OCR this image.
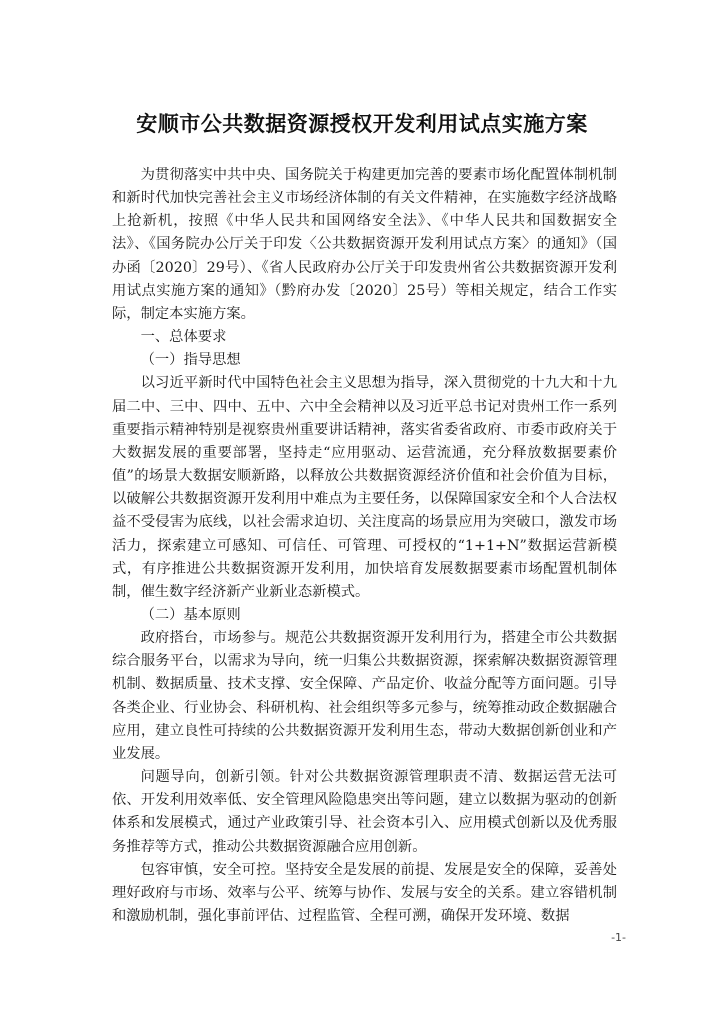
安顺市公共数据资源授权开发利用试点实施方案

为贯彻落实中共中央、国务院关于构建更加完善的要素市场化配置体制机制和新时代加快完善社会主义市场经济体制的有关文件精神，在实施数字经济战略上抢新机，按照《中华人民共和国网络安全法》、《中华人民共和国数据安全法》、《国务院办公厅关于印发〈公共数据资源开发利用试点方案〉的通知》（国办函〔2020〕29号）、《省人民政府办公厅关于印发贵州省公共数据资源开发利用试点实施方案的通知》（黔府办发〔2020〕25号）等相关规定，结合工作实际，制定本实施方案。

一、总体要求

（一）指导思想

以习近平新时代中国特色社会主义思想为指导，深入贯彻党的十九大和十九届二中、三中、四中、五中、六中全会精神以及习近平总书记对贵州工作一系列重要指示精神特别是视察贵州重要讲话精神，落实省委省政府、市委市政府关于大数据发展的重要部署，坚持走“应用驱动、运营流通，充分释放数据要素价值”的场景大数据安顺新路，以释放公共数据资源经济价值和社会价值为目标，以破解公共数据资源开发利用中难点为主要任务，以保障国家安全和个人合法权益不受侵害为底线，以社会需求迫切、关注度高的场景应用为突破口，激发市场活力，探索建立可感知、可信任、可管理、可授权的“1+1+N”数据运营新模式，有序推进公共数据资源开发利用，加快培育发展数据要素市场配置机制体制，催生数字经济新产业新业态新模式。

（二）基本原则

政府搭台，市场参与。规范公共数据资源开发利用行为，搭建全市公共数据综合服务平台，以需求为导向，统一归集公共数据资源，探索解决数据资源管理机制、数据质量、技术支撑、安全保障、产品定价、收益分配等方面问题。引导各类企业、行业协会、科研机构、社会组织等多元参与，统筹推动政企数据融合应用，建立良性可持续的公共数据资源开发利用生态，带动大数据创新创业和产业发展。

问题导向，创新引领。针对公共数据资源管理职责不清、数据运营无法可依、开发利用效率低、安全管理风险隐患突出等问题，建立以数据为驱动的创新体系和发展模式，通过产业政策引导、社会资本引入、应用模式创新以及优秀服务推荐等方式，推动公共数据资源融合应用创新。

包容审慎，安全可控。坚持安全是发展的前提、发展是安全的保障，妥善处理好政府与市场、效率与公平、统筹与协作、发展与安全的关系。建立容错机制和激励机制，强化事前评估、过程监管、全程可溯，确保开发环境、数据

-1-
